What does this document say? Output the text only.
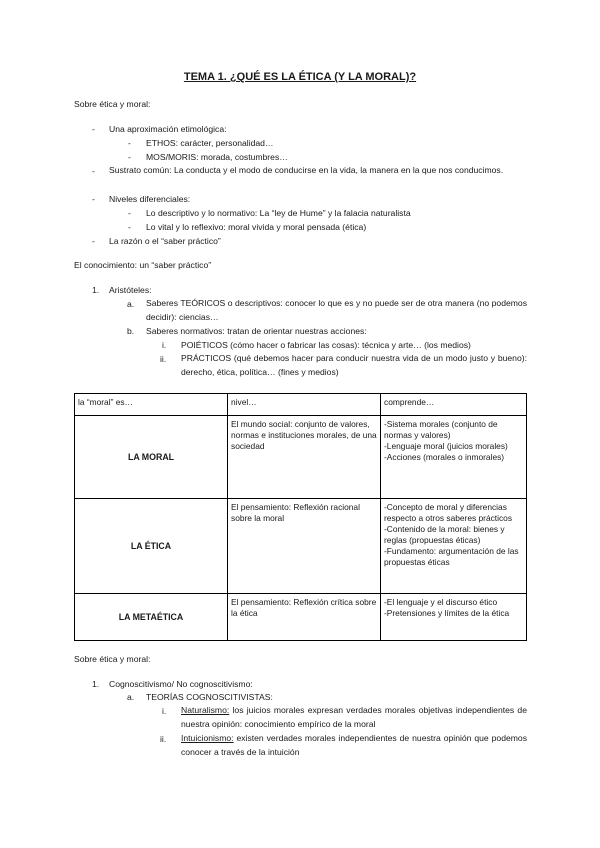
TEMA 1. ¿QUÉ ES LA ÉTICA (Y LA MORAL)?
Sobre ética y moral:
- Una aproximación etimológica:
- ETHOS: carácter, personalidad…
- MOS/MORIS: morada, costumbres…
- Sustrato común: La conducta y el modo de conducirse en la vida, la manera en la que nos conducimos.
- Niveles diferenciales:
- Lo descriptivo y lo normativo: La “ley de Hume” y la falacia naturalista
- Lo vital y lo reflexivo: moral vivida y moral pensada (ética)
- La razón o el “saber práctico”
El conocimiento: un “saber práctico”
1. Aristóteles:
a. Saberes TEÓRICOS o descriptivos: conocer lo que es y no puede ser de otra manera (no podemos decidir): ciencias…
b. Saberes normativos: tratan de orientar nuestras acciones:
i. POIÉTICOS (cómo hacer o fabricar las cosas): técnica y arte… (los medios)
ii. PRÁCTICOS (qué debemos hacer para conducir nuestra vida de un modo justo y bueno): derecho, ética, política… (fines y medios)
la “moral” es…	nivel…	comprende…
LA MORAL	El mundo social: conjunto de valores, normas e instituciones morales, de una sociedad	-Sistema morales (conjunto de normas y valores)
-Lenguaje moral (juicios morales)
-Acciones (morales o inmorales)

LA ÉTICA	El pensamiento: Reflexión racional sobre la moral	-Concepto de moral y diferencias respecto a otros saberes prácticos
-Contenido de la moral: bienes y reglas (propuestas éticas)
-Fundamento: argumentación de las propuestas éticas

LA METAÉTICA	El pensamiento: Reflexión crítica sobre la ética	-El lenguaje y el discurso ético
-Pretensiones y límites de la ética
Sobre ética y moral:
1. Cognoscitivismo/ No cognoscitivismo:
a. TEORÍAS COGNOSCITIVISTAS:
i. Naturalismo: los juicios morales expresan verdades morales objetivas independientes de nuestra opinión: conocimiento empírico de la moral
ii. Intuicionismo: existen verdades morales independientes de nuestra opinión que podemos conocer a través de la intuición
